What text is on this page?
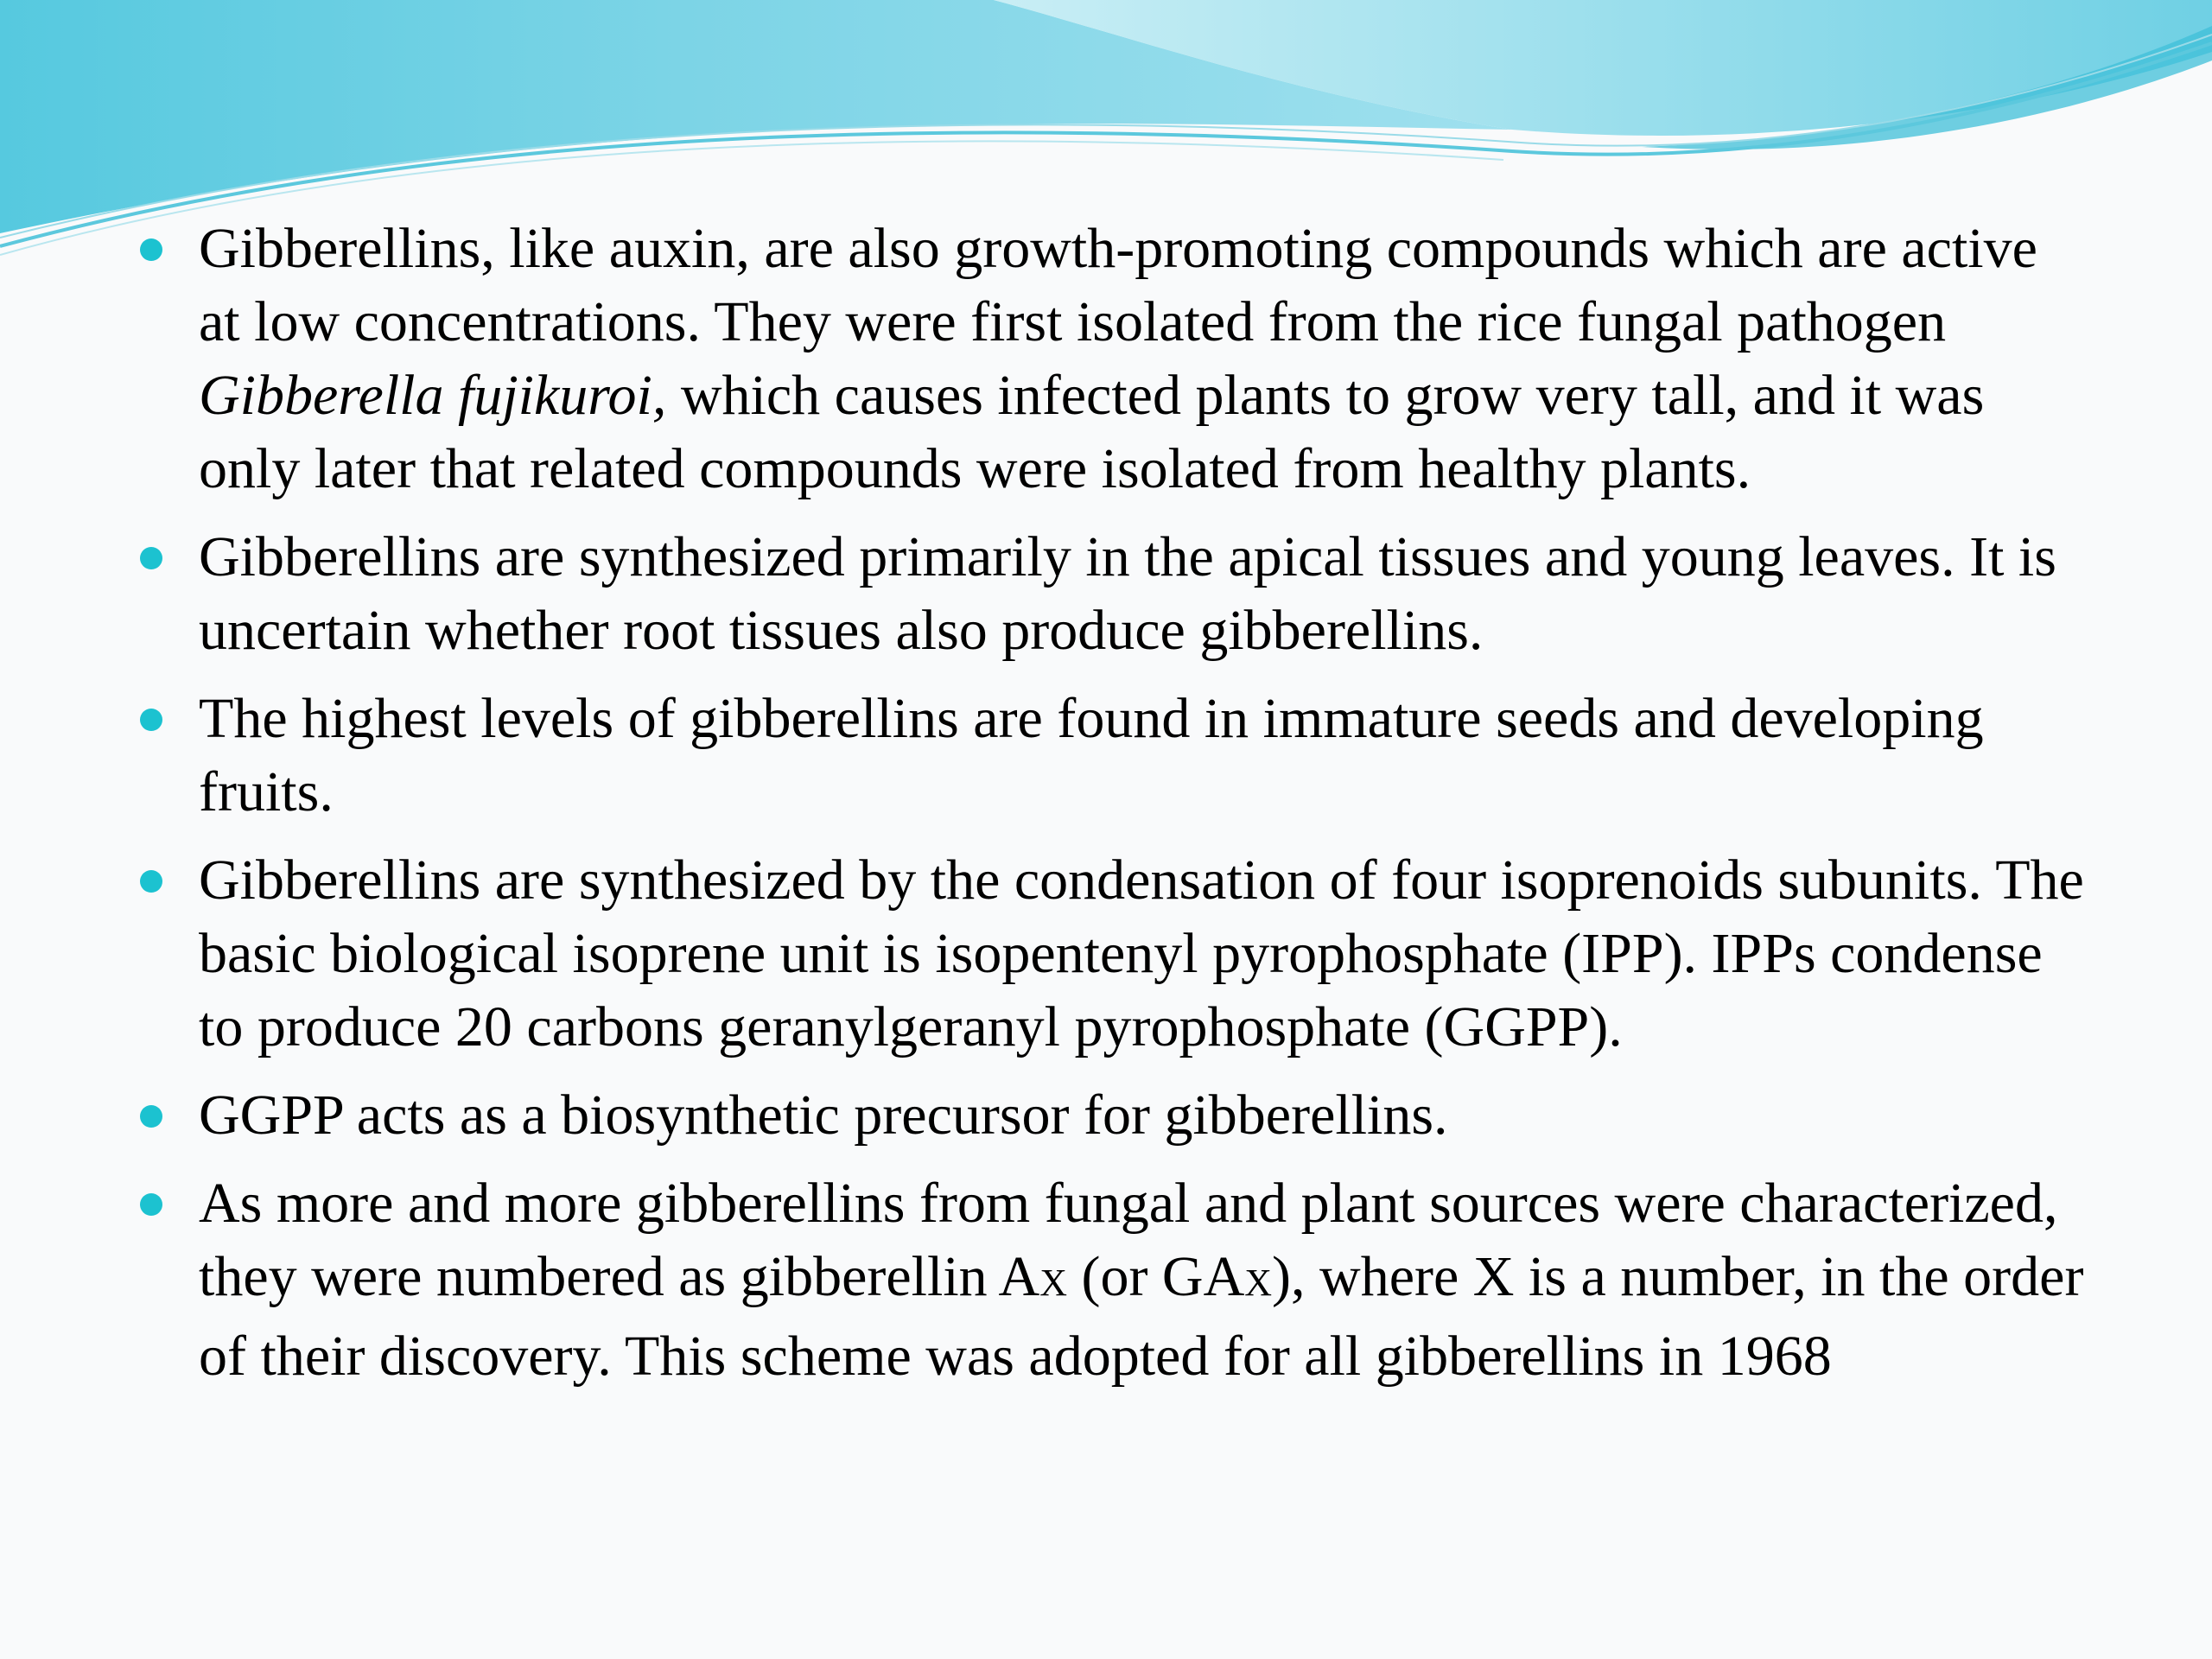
Gibberellins, like auxin, are also growth-promoting compounds which are active at low concentrations. They were first isolated from the rice fungal pathogen Gibberella fujikuroi, which causes infected plants to grow very tall, and it was only later that related compounds were isolated from healthy plants.
Gibberellins are synthesized primarily in the apical tissues and young leaves. It is uncertain whether root tissues also produce gibberellins.
The highest levels of gibberellins are found in immature seeds and developing fruits.
Gibberellins are synthesized by the condensation of four isoprenoids subunits. The basic biological isoprene unit is isopentenyl pyrophosphate (IPP). IPPs condense to produce 20 carbons geranylgeranyl pyrophosphate (GGPP).
GGPP acts as a biosynthetic precursor for gibberellins.
As more and more gibberellins from fungal and plant sources were characterized, they were numbered as gibberellin AX (or GAX), where X is a number, in the order of their discovery. This scheme was adopted for all gibberellins in 1968
